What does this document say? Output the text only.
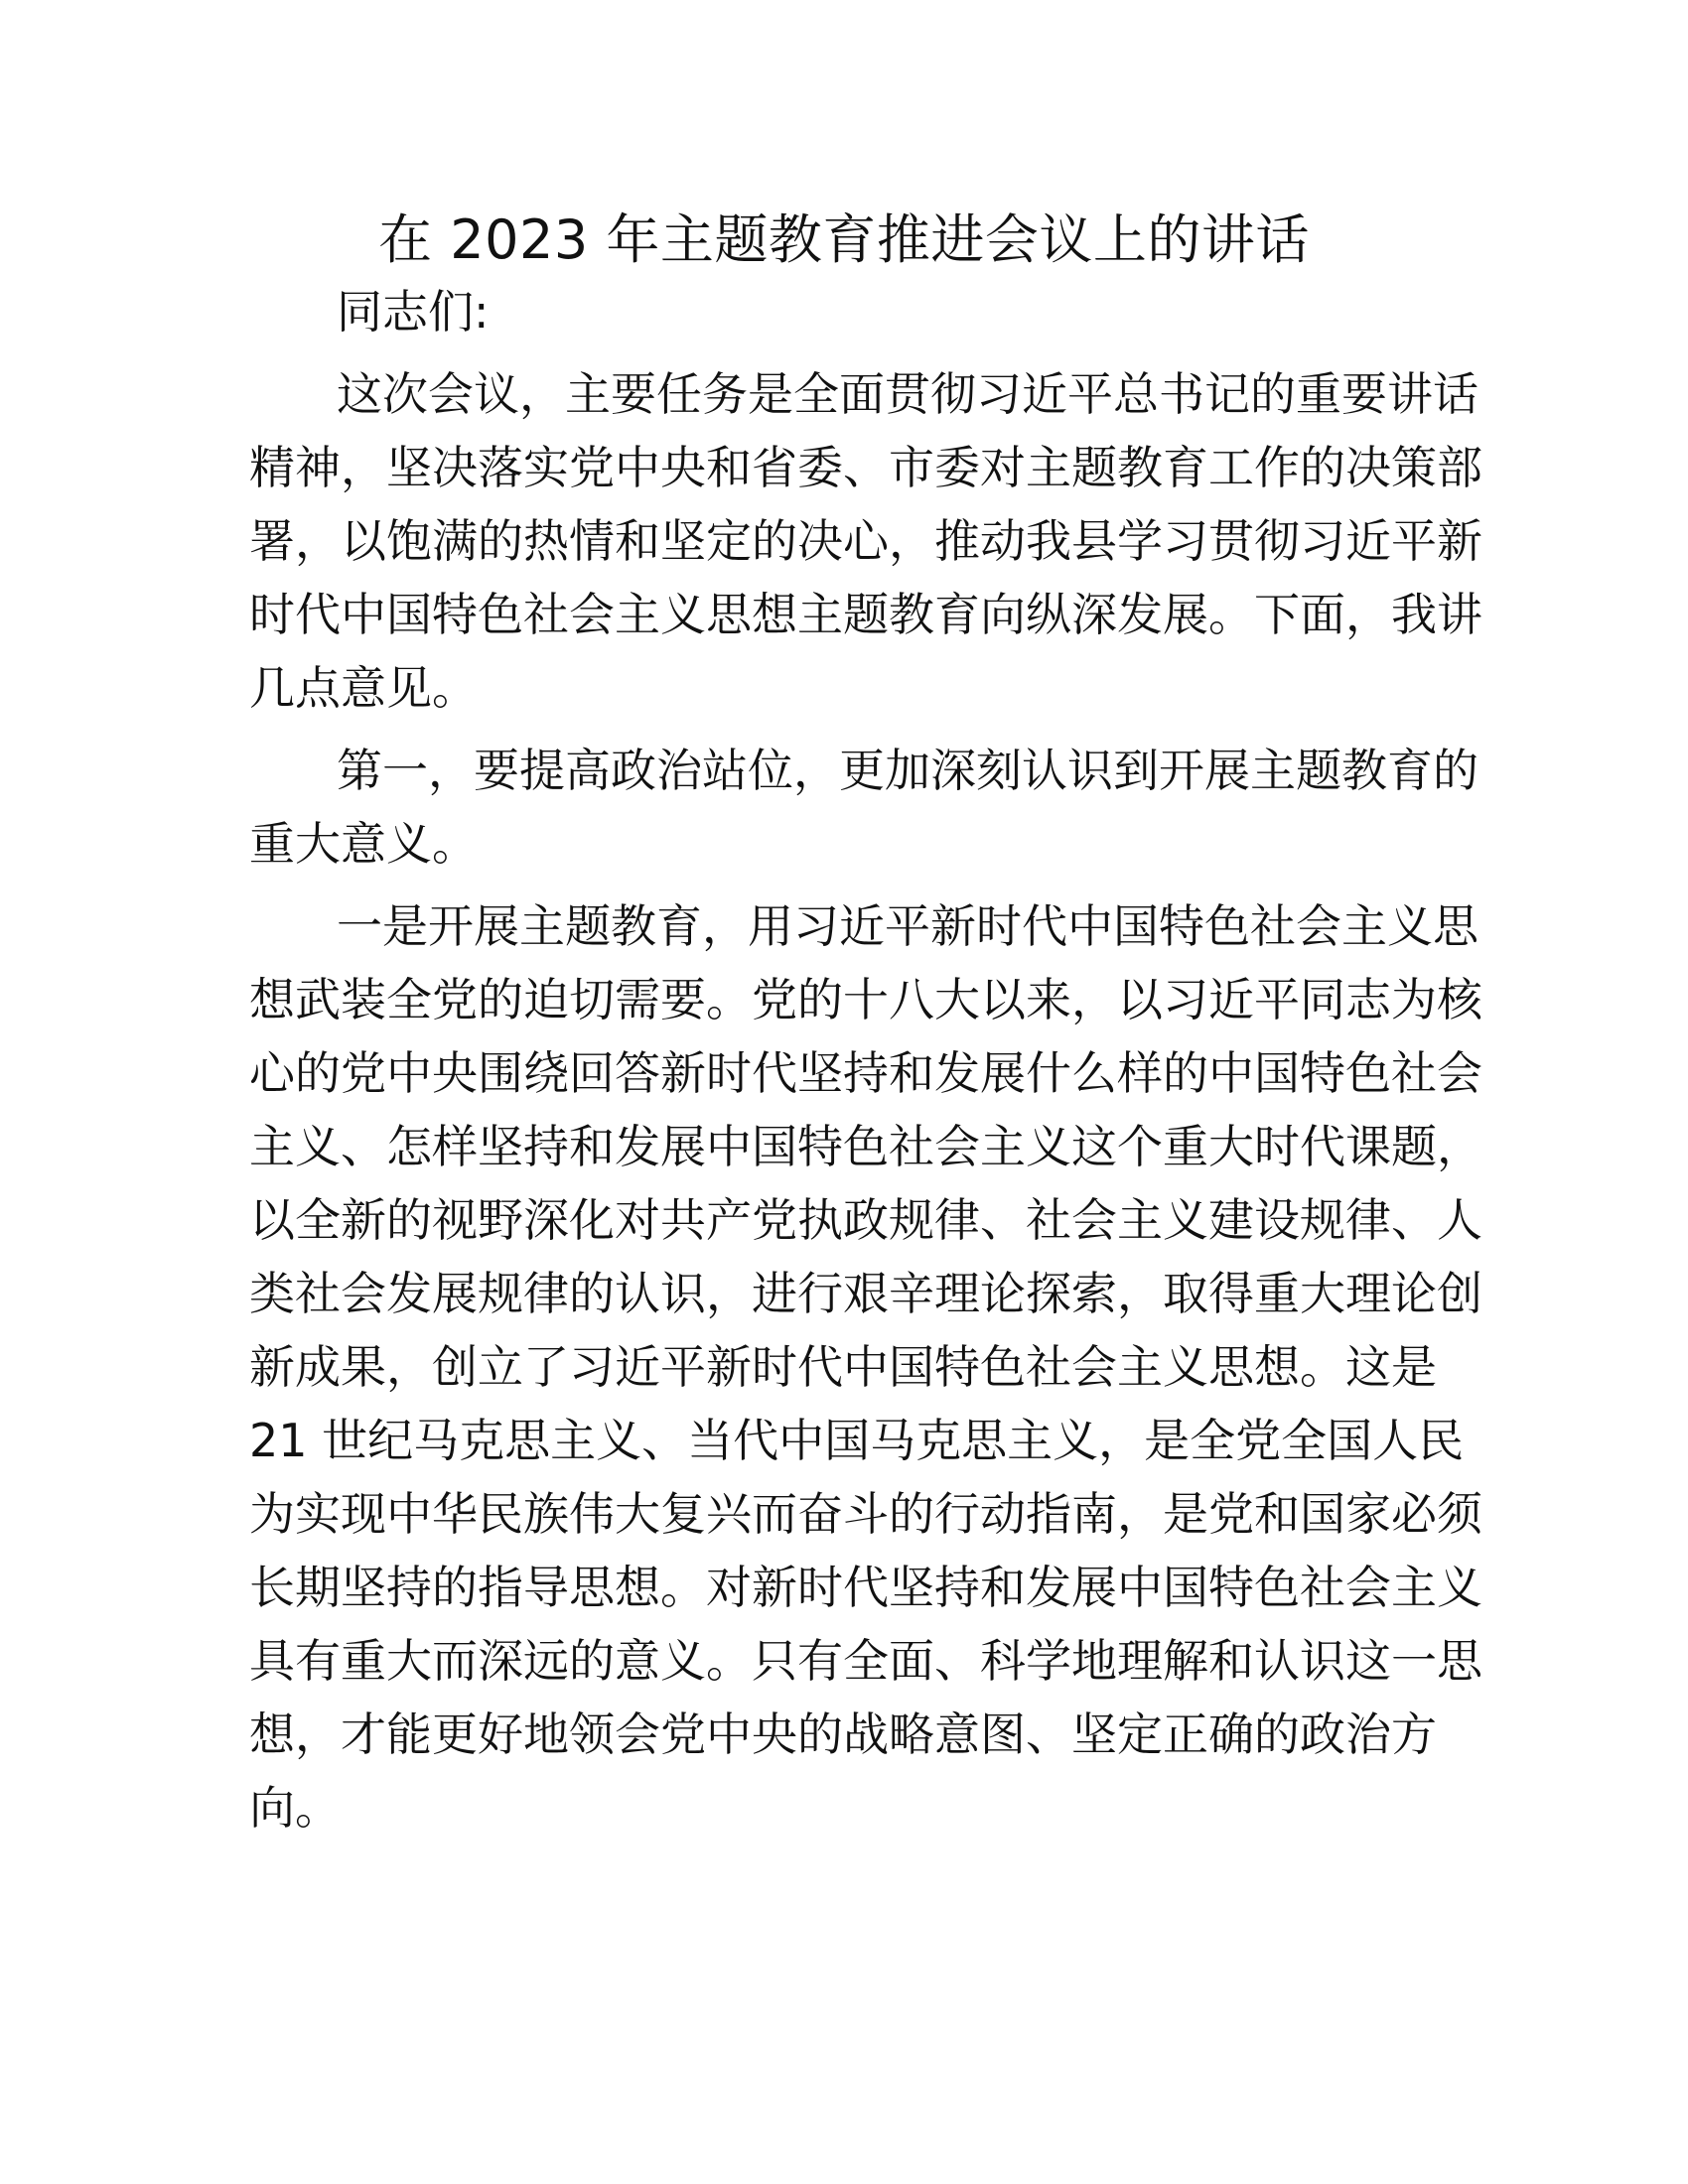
在 2023 年主题教育推进会议上的讲话

同志们:

这次会议，主要任务是全面贯彻习近平总书记的重要讲话
精神，坚决落实党中央和省委、市委对主题教育工作的决策部
署，以饱满的热情和坚定的决心，推动我县学习贯彻习近平新
时代中国特色社会主义思想主题教育向纵深发展。下面，我讲
几点意见。

第一，要提高政治站位，更加深刻认识到开展主题教育的
重大意义。

一是开展主题教育，用习近平新时代中国特色社会主义思
想武装全党的迫切需要。党的十八大以来，以习近平同志为核
心的党中央围绕回答新时代坚持和发展什么样的中国特色社会
主义、怎样坚持和发展中国特色社会主义这个重大时代课题，
以全新的视野深化对共产党执政规律、社会主义建设规律、人
类社会发展规律的认识，进行艰辛理论探索，取得重大理论创
新成果，创立了习近平新时代中国特色社会主义思想。这是
21 世纪马克思主义、当代中国马克思主义，是全党全国人民
为实现中华民族伟大复兴而奋斗的行动指南，是党和国家必须
长期坚持的指导思想。对新时代坚持和发展中国特色社会主义
具有重大而深远的意义。只有全面、科学地理解和认识这一思
想，才能更好地领会党中央的战略意图、坚定正确的政治方
向。
